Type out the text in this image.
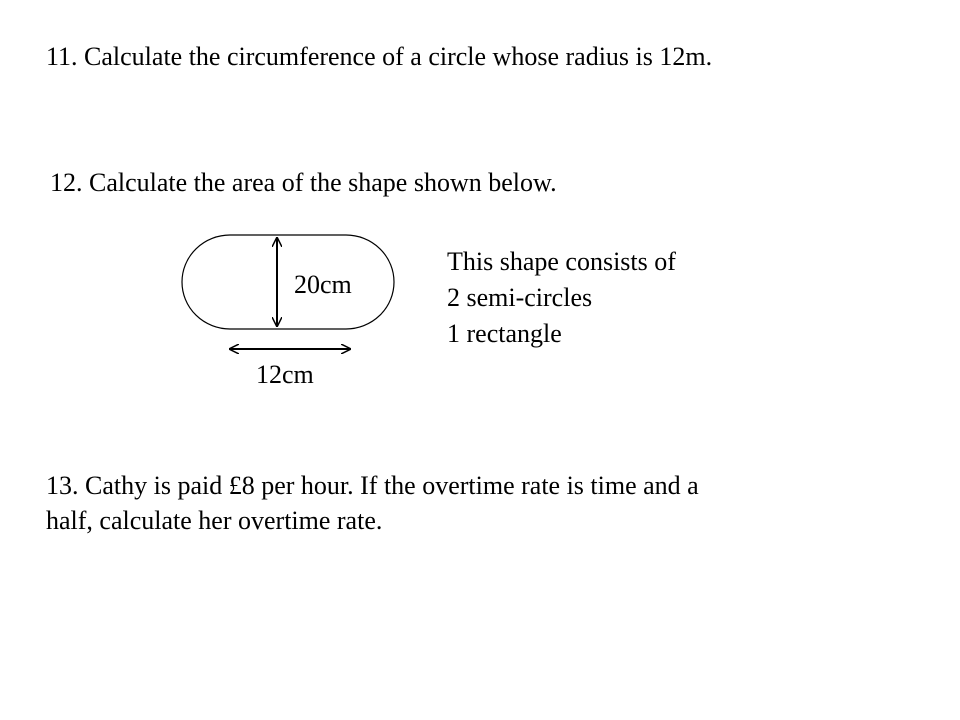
11. Calculate the circumference of a circle whose radius is 12m.

12. Calculate the area of the shape shown below.

20cm
12cm
This shape consists of
2 semi-circles
1 rectangle
13. Cathy is paid £8 per hour. If the overtime rate is time and a
half, calculate her overtime rate.
